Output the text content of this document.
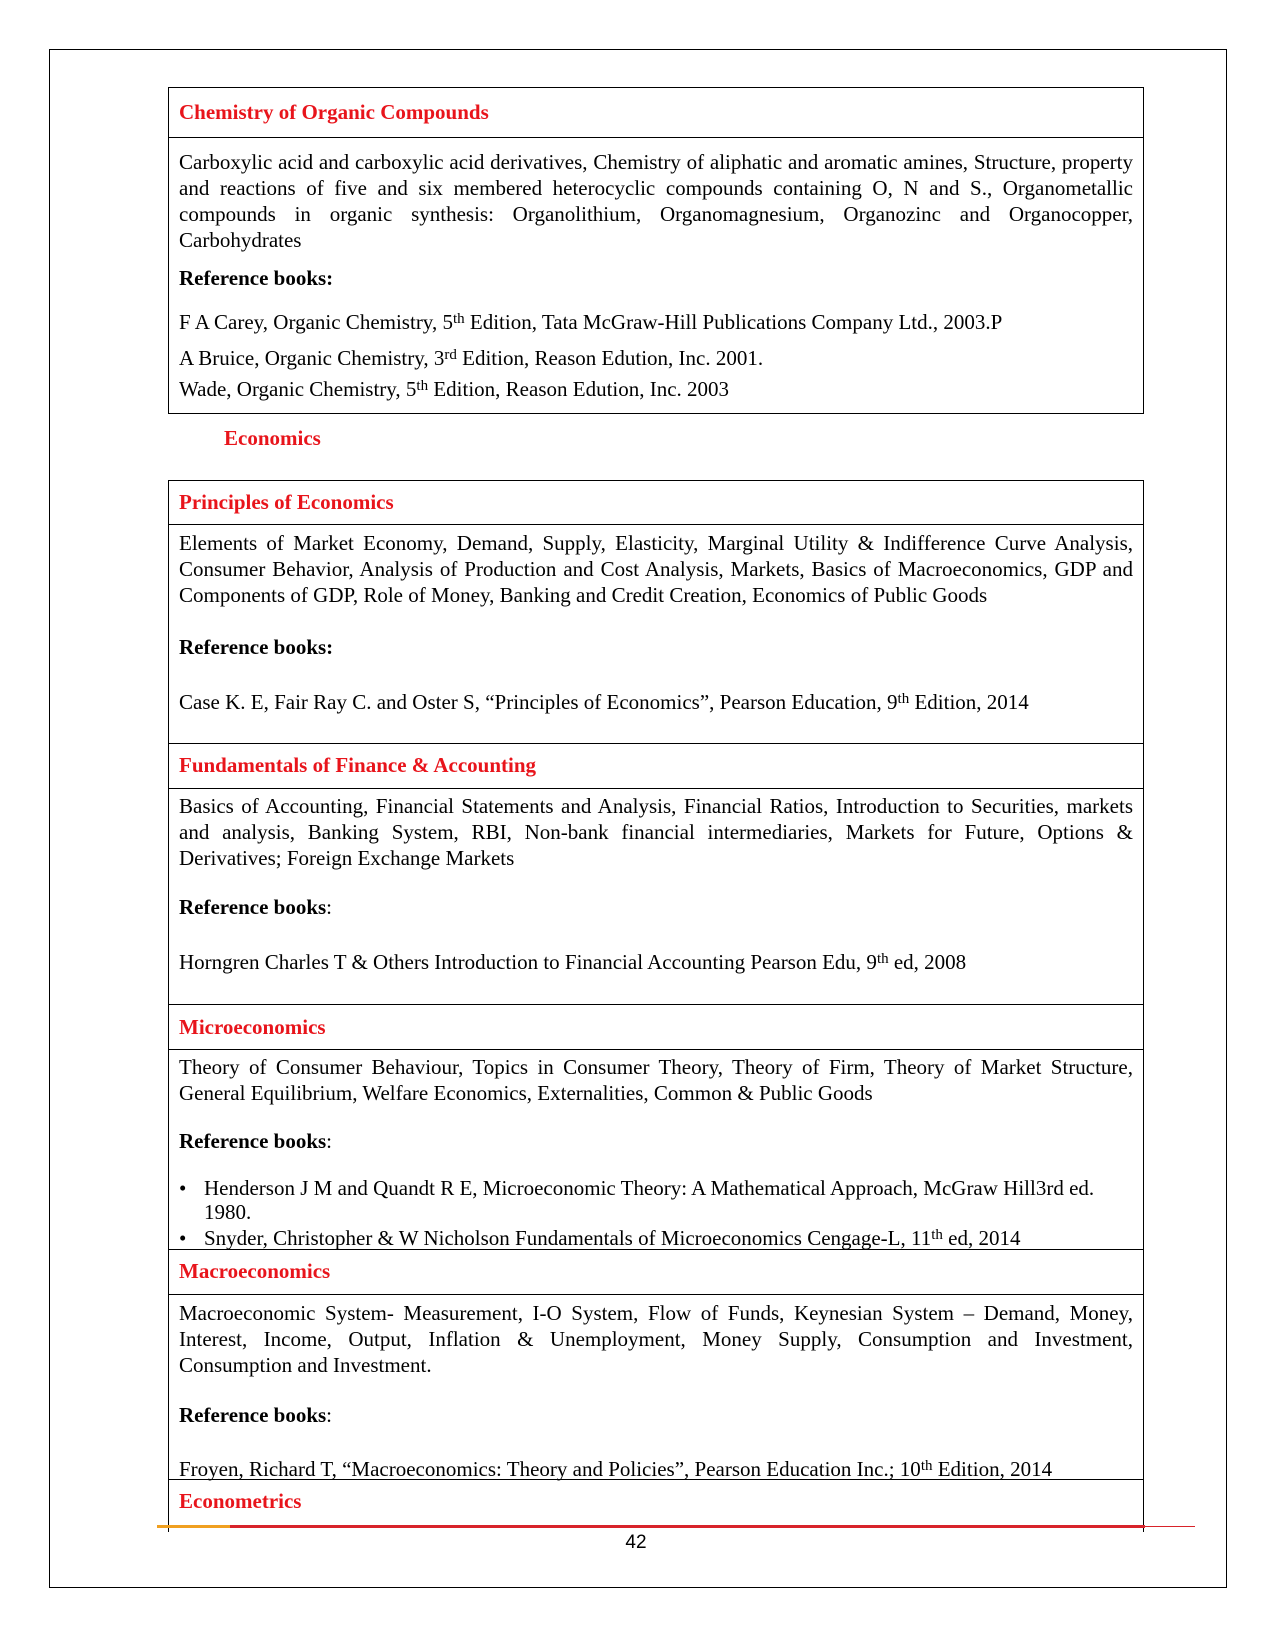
Chemistry of Organic Compounds
Carboxylic acid and carboxylic acid derivatives, Chemistry of aliphatic and aromatic amines, Structure, property and reactions of five and six membered heterocyclic compounds containing O, N and S., Organometallic compounds in organic synthesis: Organolithium, Organomagnesium, Organozinc and Organocopper, Carbohydrates
Reference books:
F A Carey, Organic Chemistry, 5th Edition, Tata McGraw-Hill Publications Company Ltd., 2003.P
A Bruice, Organic Chemistry, 3rd Edition, Reason Edution, Inc. 2001.
Wade, Organic Chemistry, 5th Edition, Reason Edution, Inc. 2003
Economics
Principles of Economics
Elements of Market Economy, Demand, Supply, Elasticity, Marginal Utility & Indifference Curve Analysis, Consumer Behavior, Analysis of Production and Cost Analysis, Markets, Basics of Macroeconomics, GDP and Components of GDP, Role of Money, Banking and Credit Creation, Economics of Public Goods
Reference books:
Case K. E, Fair Ray C. and Oster S, “Principles of Economics”, Pearson Education, 9th Edition, 2014
Fundamentals of Finance & Accounting
Basics of Accounting, Financial Statements and Analysis, Financial Ratios, Introduction to Securities, markets and analysis, Banking System, RBI, Non-bank financial intermediaries, Markets for Future, Options & Derivatives; Foreign Exchange Markets
Reference books:
Horngren Charles T & Others Introduction to Financial Accounting Pearson Edu, 9th ed, 2008
Microeconomics
Theory of Consumer Behaviour, Topics in Consumer Theory, Theory of Firm, Theory of Market Structure, General Equilibrium, Welfare Economics, Externalities, Common & Public Goods
Reference books:
• Henderson J M and Quandt R E, Microeconomic Theory: A Mathematical Approach, McGraw Hill3rd ed. 1980.
• Snyder, Christopher & W Nicholson Fundamentals of Microeconomics Cengage-L, 11th ed, 2014
Macroeconomics
Macroeconomic System- Measurement, I-O System, Flow of Funds, Keynesian System – Demand, Money, Interest, Income, Output, Inflation & Unemployment, Money Supply, Consumption and Investment, Consumption and Investment.
Reference books:
Froyen, Richard T, “Macroeconomics: Theory and Policies”, Pearson Education Inc.; 10th Edition, 2014
Econometrics
42
